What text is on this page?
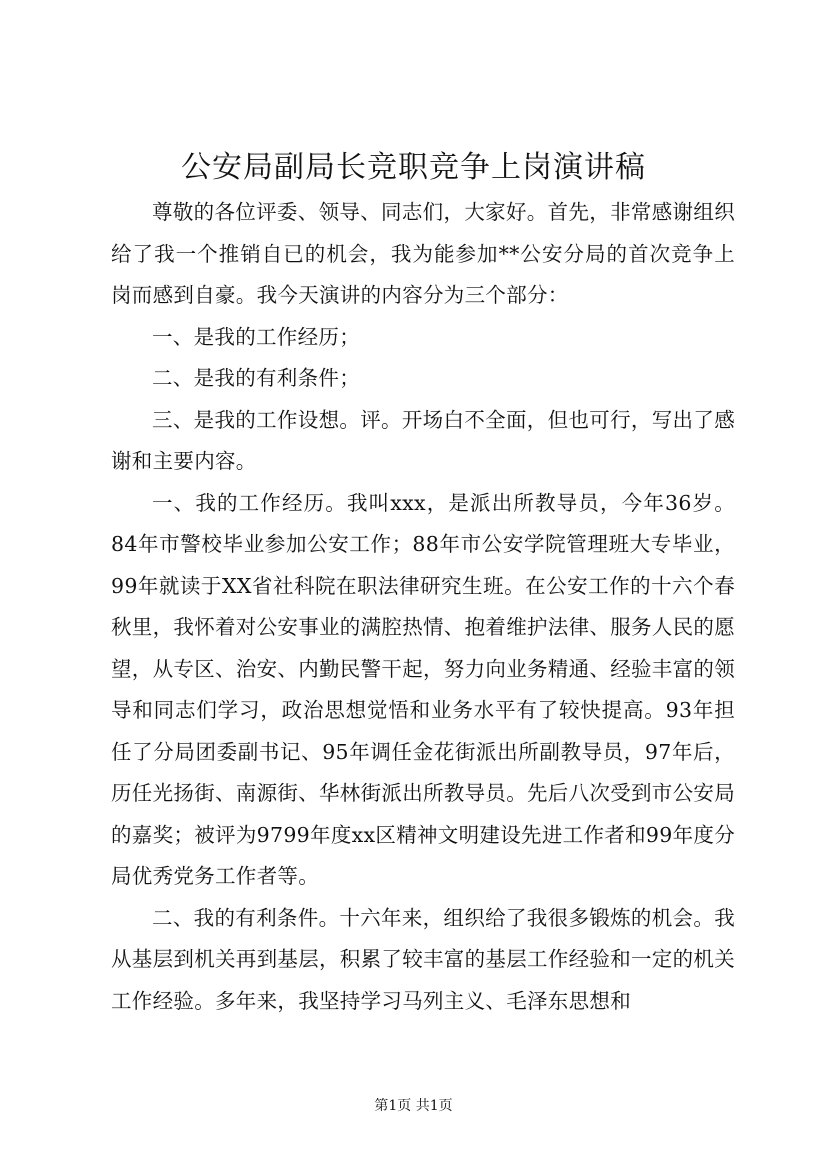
公安局副局长竞职竞争上岗演讲稿

尊敬的各位评委、领导、同志们，大家好。首先，非常感谢组织给了我一个推销自已的机会，我为能参加**公安分局的首次竞争上岗而感到自豪。我今天演讲的内容分为三个部分：

一、是我的工作经历；

二、是我的有利条件；

三、是我的工作设想。评。开场白不全面，但也可行，写出了感谢和主要内容。

一、我的工作经历。我叫xxx，是派出所教导员，今年36岁。84年市警校毕业参加公安工作；88年市公安学院管理班大专毕业，99年就读于XX省社科院在职法律研究生班。在公安工作的十六个春秋里，我怀着对公安事业的满腔热情、抱着维护法律、服务人民的愿望，从专区、治安、内勤民警干起，努力向业务精通、经验丰富的领导和同志们学习，政治思想觉悟和业务水平有了较快提高。93年担任了分局团委副书记、95年调任金花街派出所副教导员，97年后，历任光扬街、南源街、华林街派出所教导员。先后八次受到市公安局的嘉奖；被评为9799年度xx区精神文明建设先进工作者和99年度分局优秀党务工作者等。

二、我的有利条件。十六年来，组织给了我很多锻炼的机会。我从基层到机关再到基层，积累了较丰富的基层工作经验和一定的机关工作经验。多年来，我坚持学习马列主义、毛泽东思想和

第1页 共1页
